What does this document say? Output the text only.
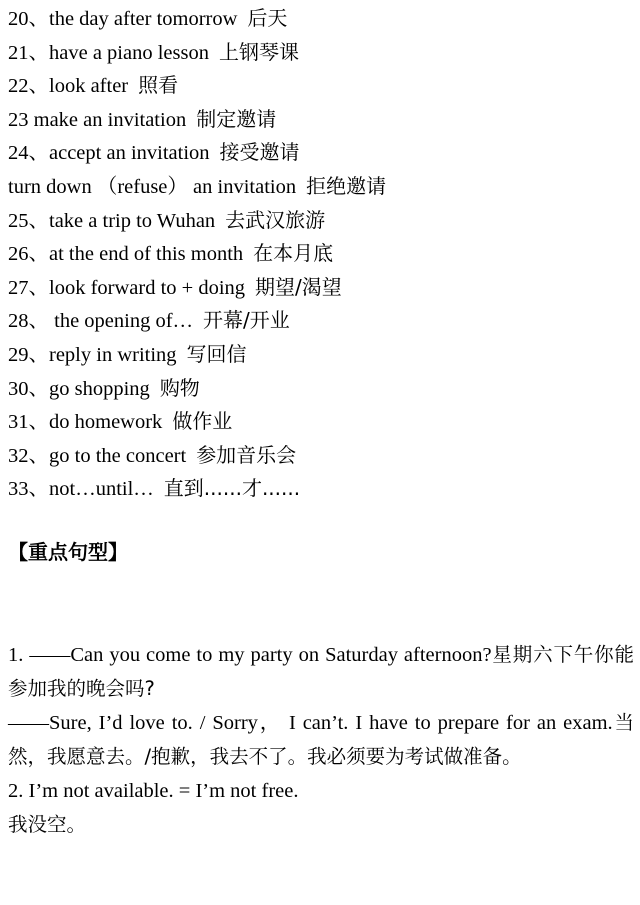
20、the day after tomorrow 后天
21、have a piano lesson 上钢琴课
22、look after 照看
23 make an invitation 制定邀请
24、accept an invitation 接受邀请
turn down （refuse） an invitation 拒绝邀请
25、take a trip to Wuhan 去武汉旅游
26、at the end of this month 在本月底
27、look forward to + doing 期望/渴望
28、 the opening of… 开幕/开业
29、reply in writing 写回信
30、go shopping 购物
31、do homework 做作业
32、go to the concert 参加音乐会
33、not…until… 直到......才......
【重点句型】

1. ——Can you come to my party on Saturday afternoon?星期六下午你能参加我的晚会吗?

——Sure, I’d love to. / Sorry， I can’t. I have to prepare for an exam.当然，我愿意去。/抱歉，我去不了。我必须要为考试做准备。

2. I’m not available. = I’m not free.

我没空。
